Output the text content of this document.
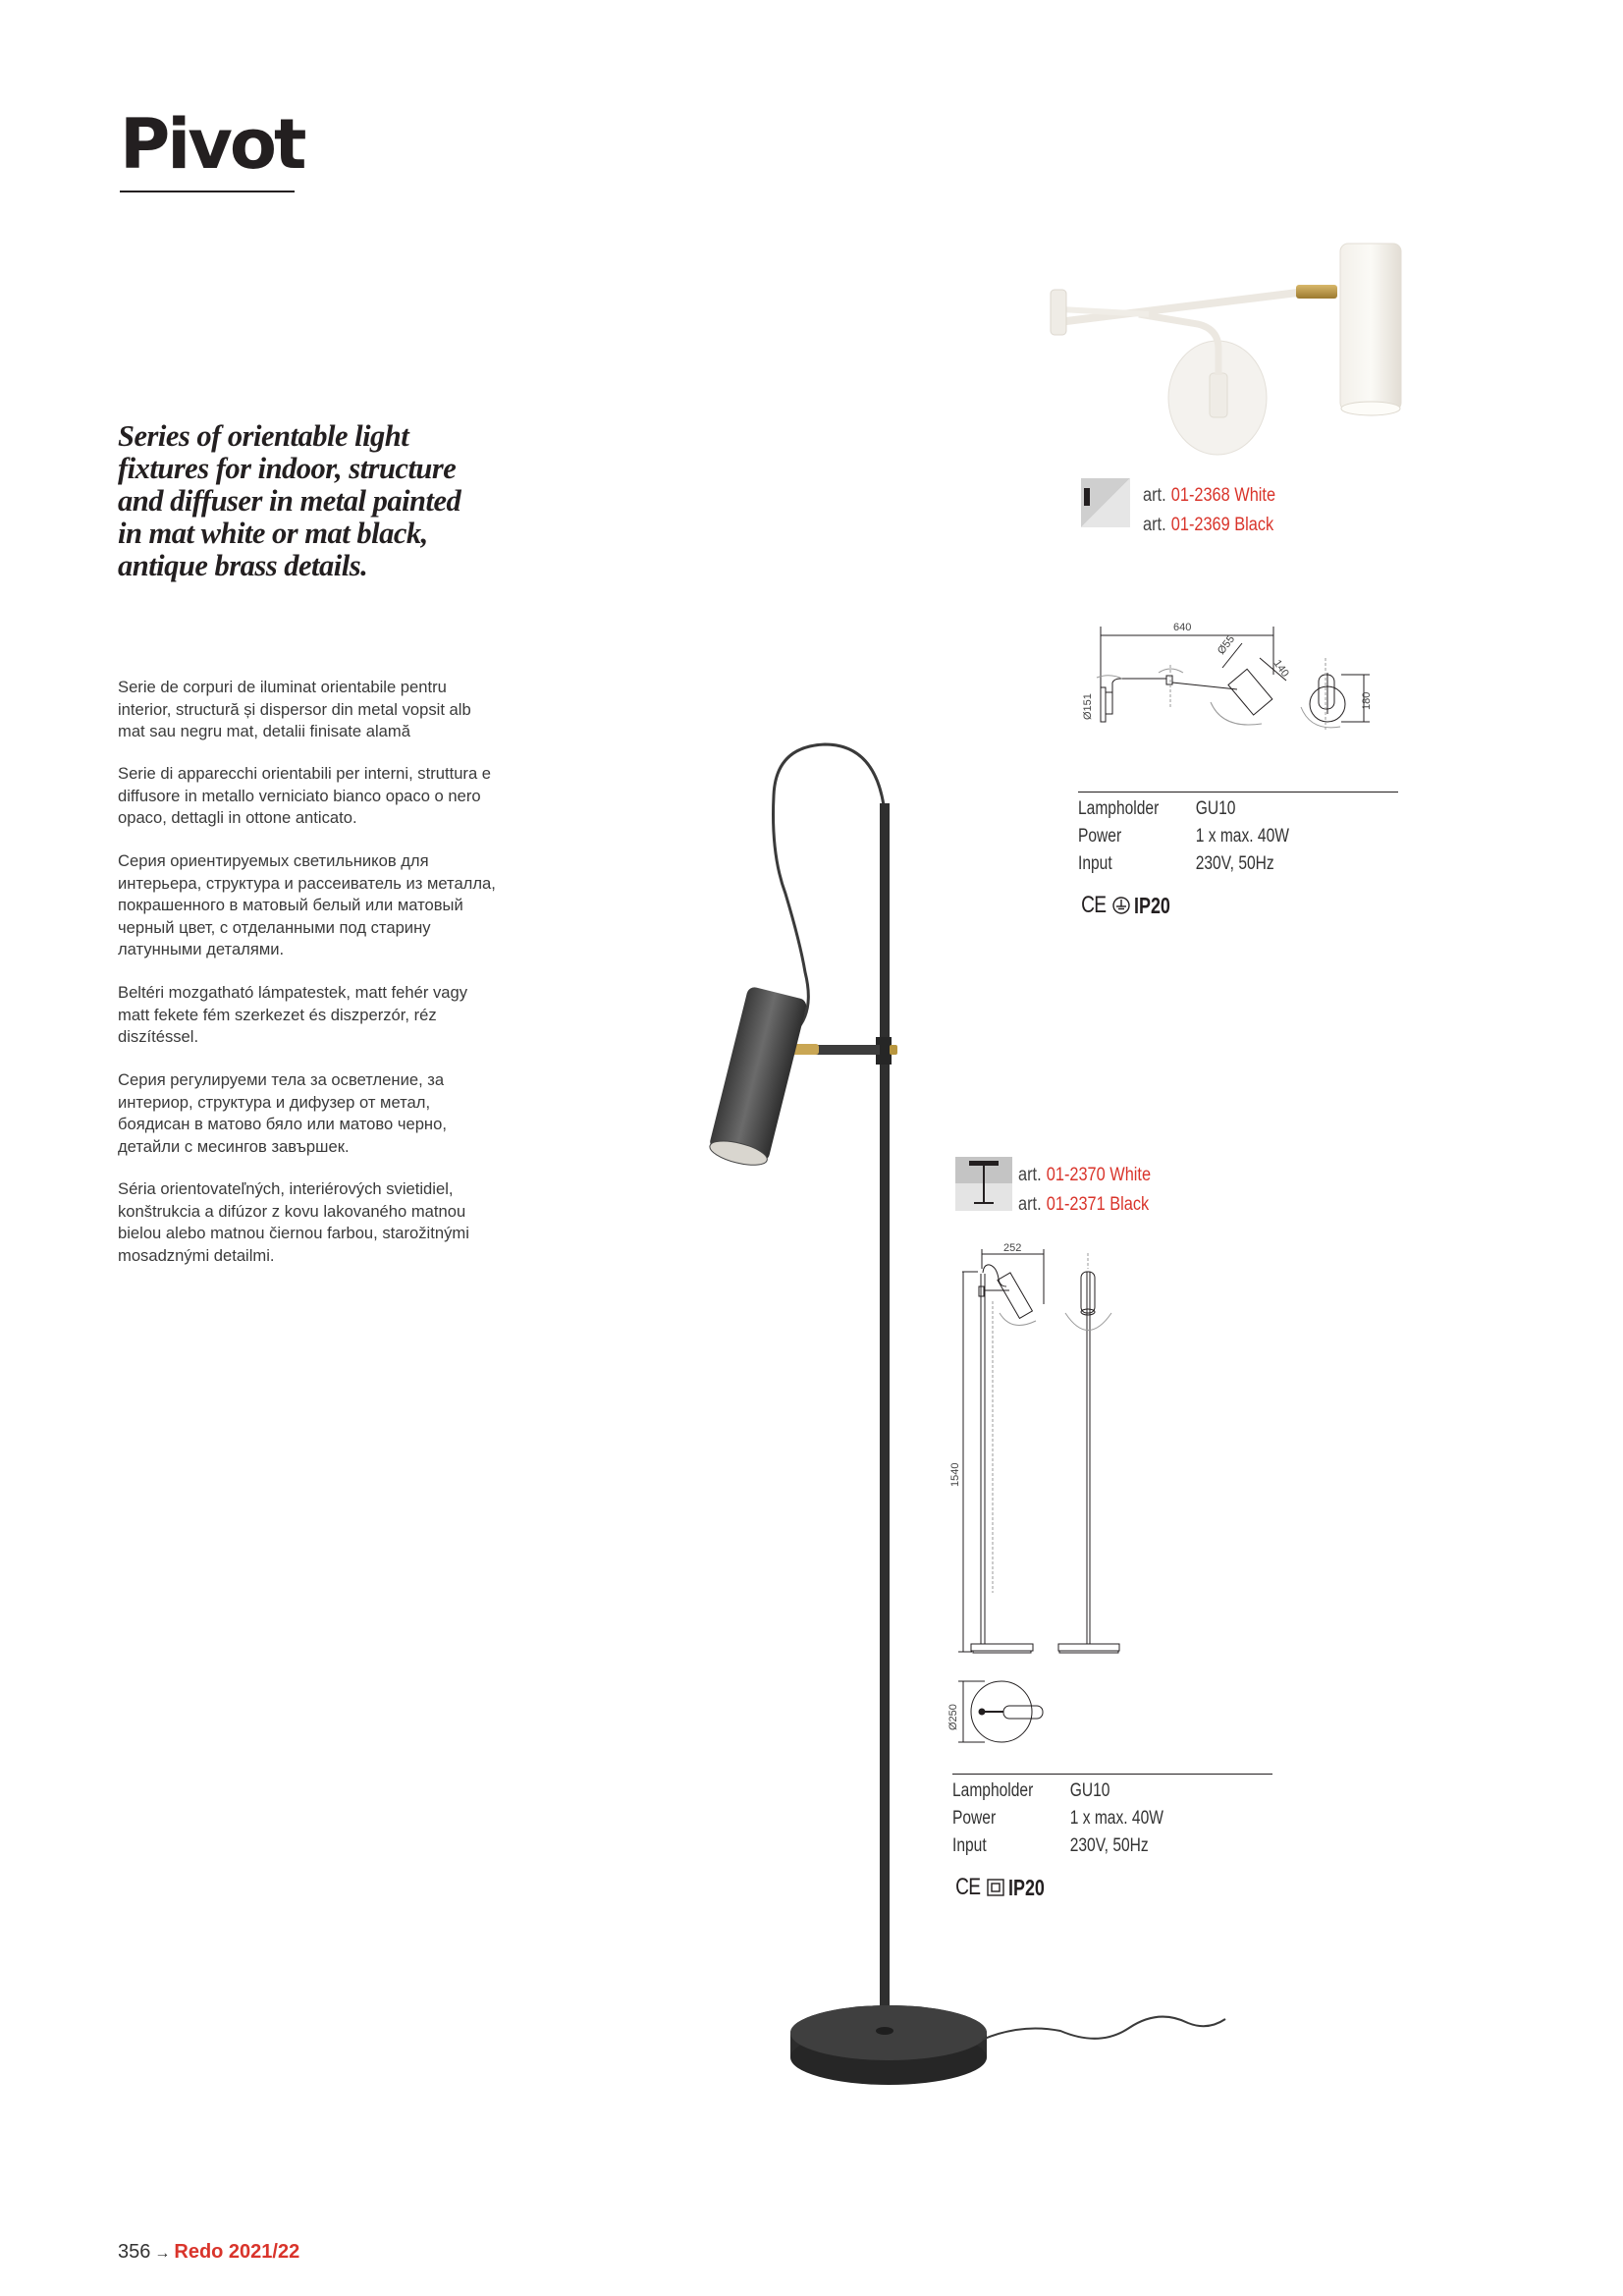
Pivot
Series of orientable light
fixtures for indoor, structure
and diffuser in metal painted
in mat white or mat black,
antique brass details.
Serie de corpuri de iluminat orientabile pentru
interior, structură și dispersor din metal vopsit alb
mat sau negru mat, detalii finisate alamă
Serie di apparecchi orientabili per interni, struttura e
diffusore in metallo verniciato bianco opaco o nero
opaco, dettagli in ottone anticato.
Серия ориентируемых светильников для
интерьера, структура и рассеиватель из металла,
покрашенного в матовый белый или матовый
черный цвет, с отделанными под старину
латунными деталями.
Beltéri mozgatható lámpatestek, matt fehér vagy
matt fekete fém szerkezet és diszperzór, réz
diszítéssel.
Серия регулируеми тела за осветление, за
интериор, структура и дифузер от метал,
боядисан в матово бяло или матово черно,
детайли с месингов завършек.
Séria orientovateľných, interiérových svietidiel,
konštrukcia a difúzor z kovu lakovaného matnou
bielou alebo matnou čiernou farbou, starožitnými
mosadznými detailmi.
art. 01-2368 White
art. 01-2369 Black
640
Ø55
140
Ø151	180
Lampholder GU10
Power	1 x max. 40W
Input	230V, 50Hz
CE IP20
art. 01-2370 White
art. 01-2371 Black
252
1540
Ø250
Lampholder GU10
Power	1 x max. 40W
Input	230V, 50Hz
CE IP20
356 → Redo 2021/22
